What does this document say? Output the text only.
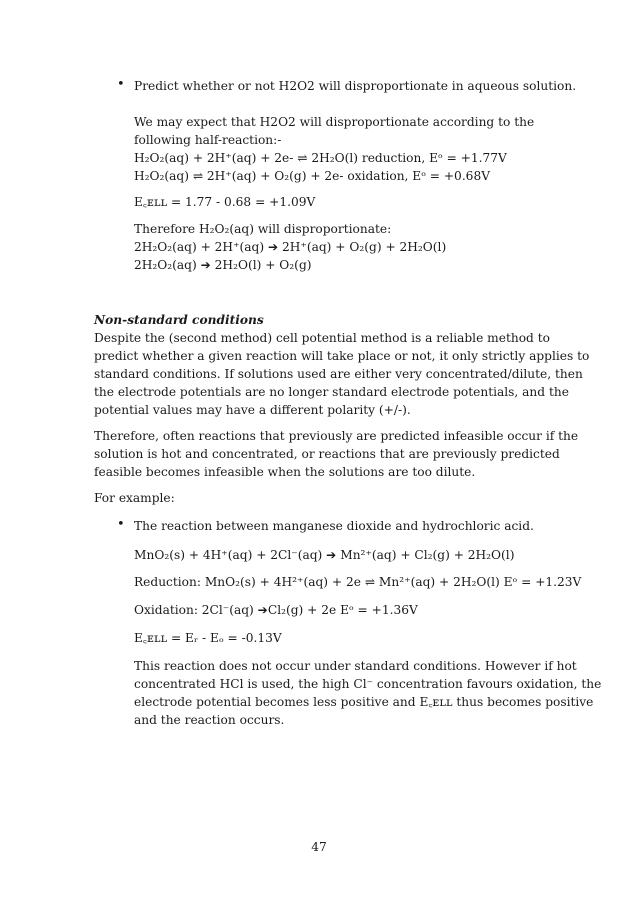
• Predict whether or not H2O2 will disproportionate in aqueous solution.
We may expect that H2O2 will disproportionate according to the
following half-reaction:-
H₂O₂(aq) + 2H⁺(aq) + 2e- ⇌ 2H₂O(l) reduction, Eᵒ = +1.77V
H₂O₂(aq) ⇌ 2H⁺(aq) + O₂(g) + 2e- oxidation, Eᵒ = +0.68V
E꜀ᴇʟʟ = 1.77 - 0.68 = +1.09V
Therefore H₂O₂(aq) will disproportionate:
2H₂O₂(aq) + 2H⁺(aq) ➔ 2H⁺(aq) + O₂(g) + 2H₂O(l)
2H₂O₂(aq) ➔ 2H₂O(l) + O₂(g)
Non-standard conditions
Despite the (second method) cell potential method is a reliable method to
predict whether a given reaction will take place or not, it only strictly applies to
standard conditions. If solutions used are either very concentrated/dilute, then
the electrode potentials are no longer standard electrode potentials, and the
potential values may have a different polarity (+/-).
Therefore, often reactions that previously are predicted infeasible occur if the
solution is hot and concentrated, or reactions that are previously predicted
feasible becomes infeasible when the solutions are too dilute.
For example:
• The reaction between manganese dioxide and hydrochloric acid.
MnO₂(s) + 4H⁺(aq) + 2Cl⁻(aq) ➔ Mn²⁺(aq) + Cl₂(g) + 2H₂O(l)
Reduction: MnO₂(s) + 4H²⁺(aq) + 2e ⇌ Mn²⁺(aq) + 2H₂O(l) Eᵒ = +1.23V
Oxidation: 2Cl⁻(aq) ➔Cl₂(g) + 2e Eᵒ = +1.36V
E꜀ᴇʟʟ = Eᵣ - Eₒ = -0.13V
This reaction does not occur under standard conditions. However if hot
concentrated HCl is used, the high Cl⁻ concentration favours oxidation, the
electrode potential becomes less positive and E꜀ᴇʟʟ thus becomes positive
and the reaction occurs.
47
